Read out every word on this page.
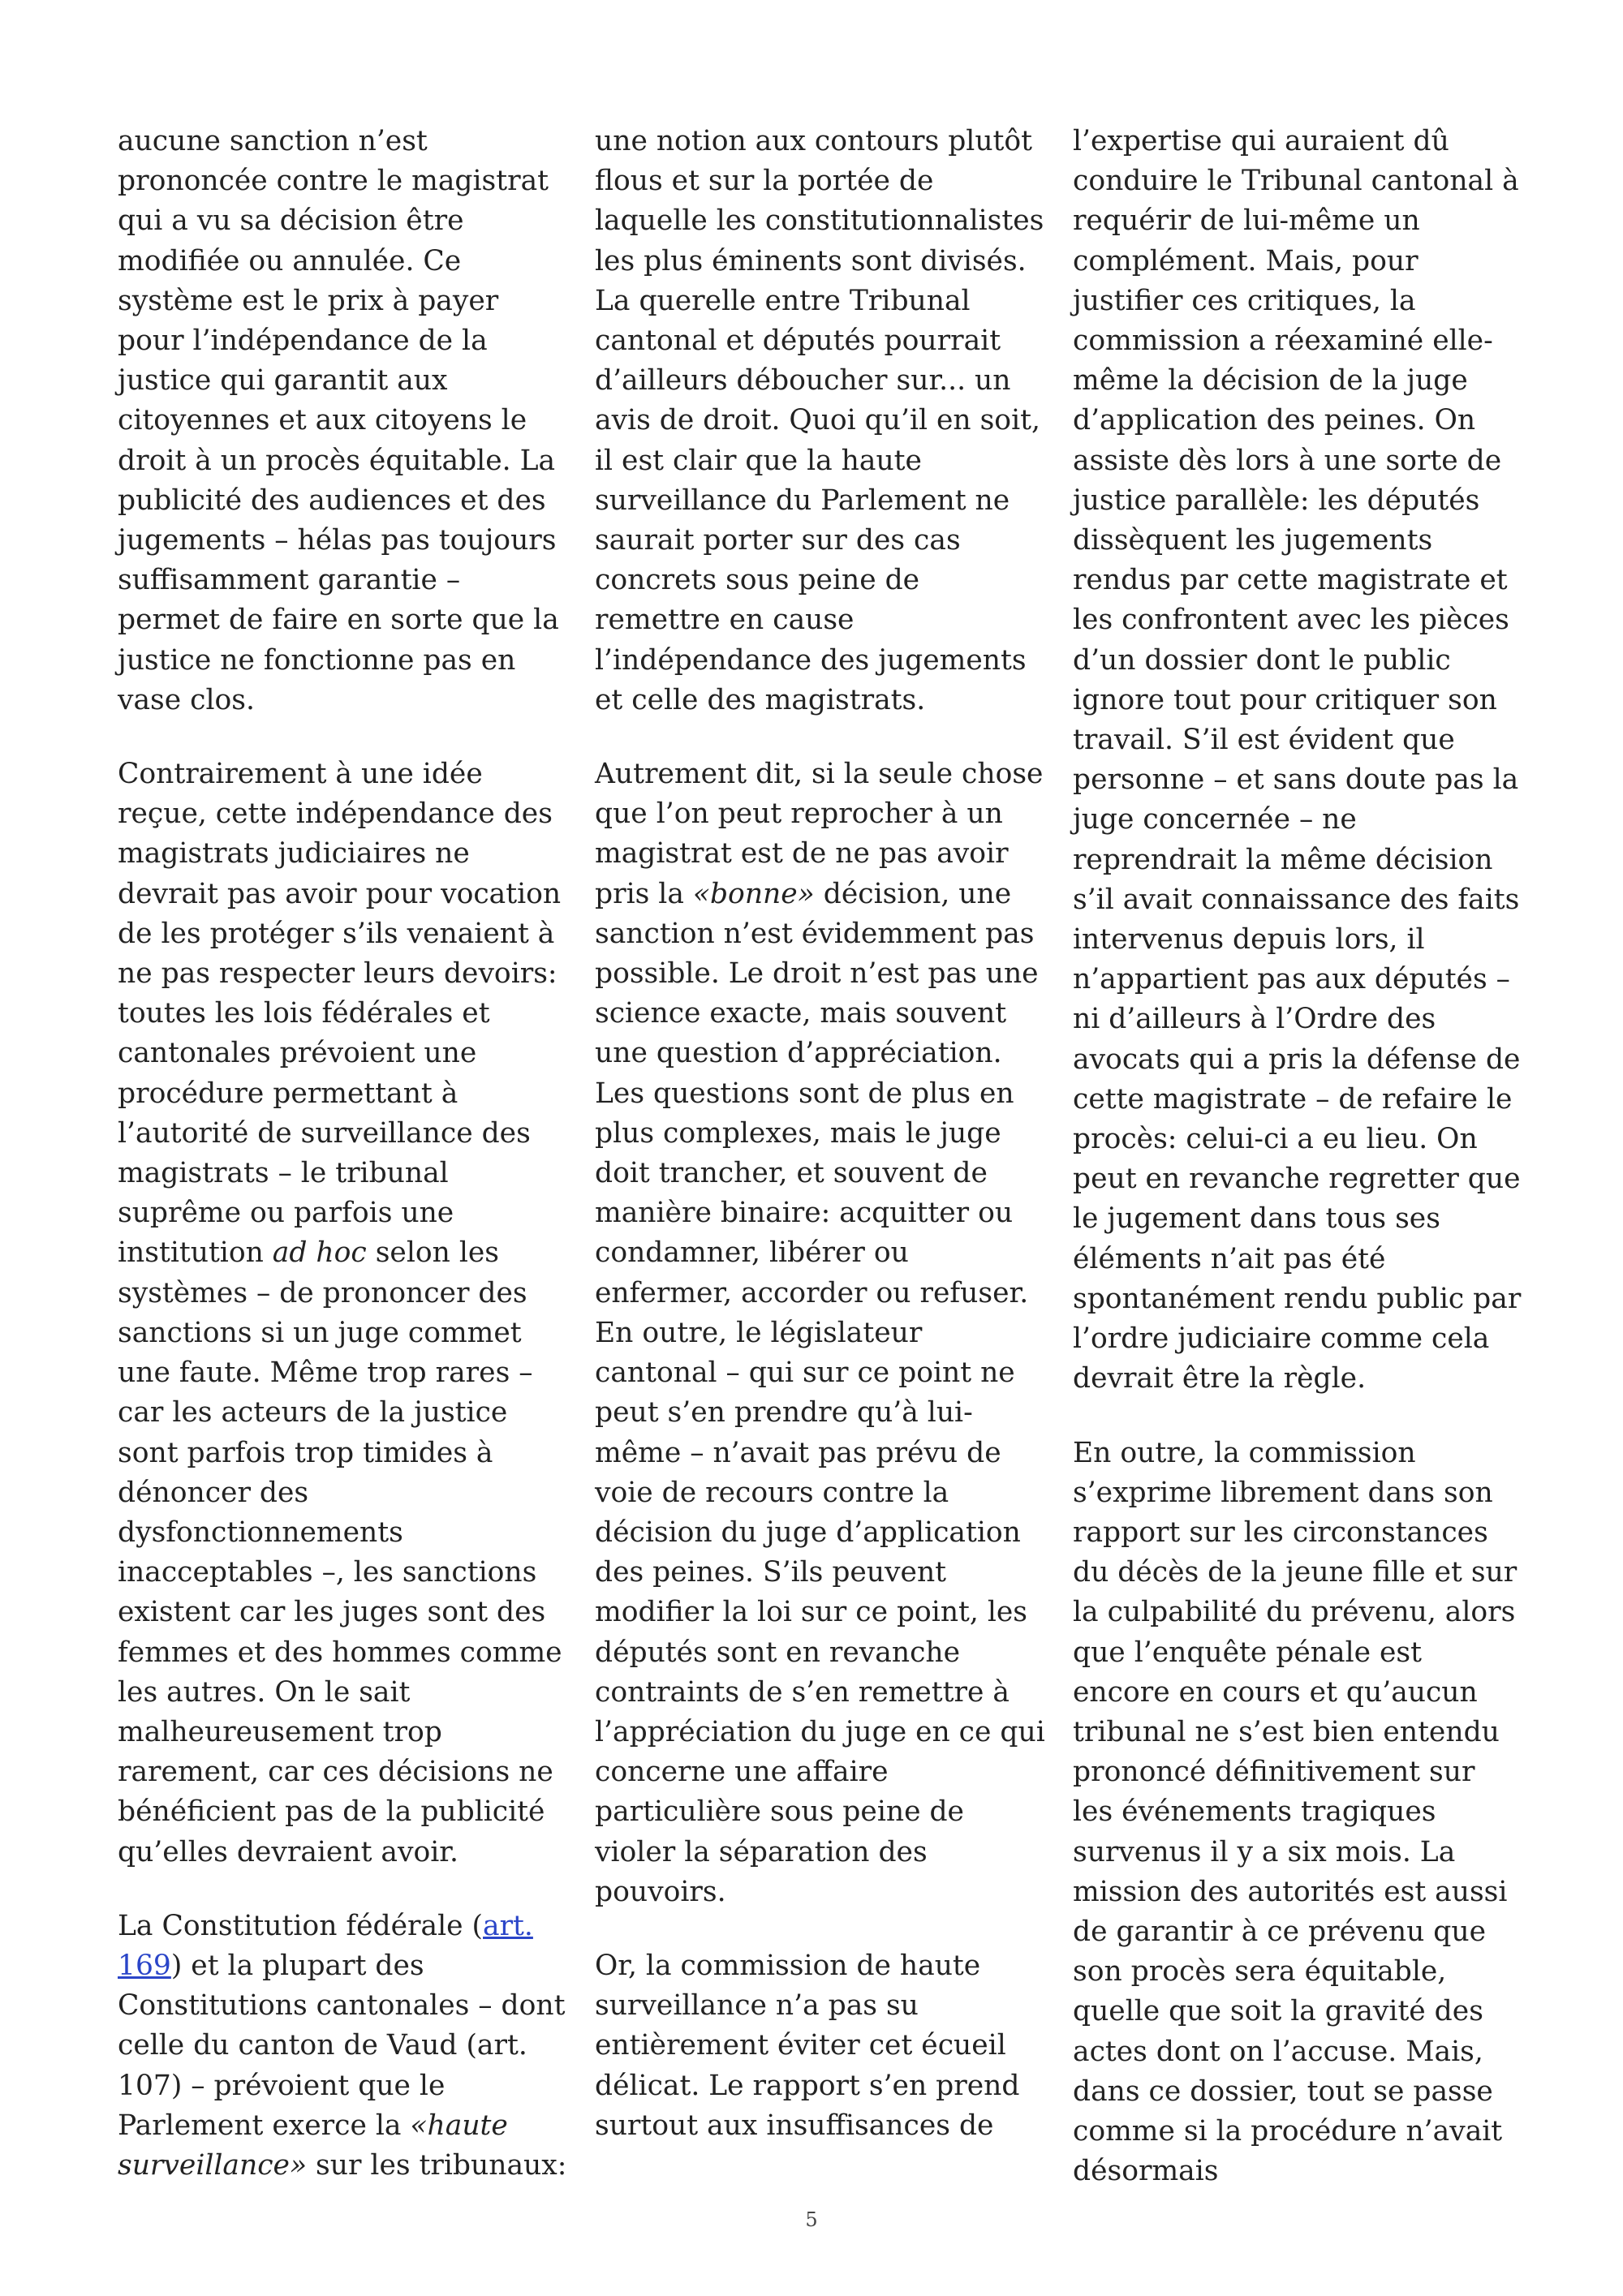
aucune sanction n’est prononcée contre le magistrat qui a vu sa décision être modifiée ou annulée. Ce système est le prix à payer pour l’indépendance de la justice qui garantit aux citoyennes et aux citoyens le droit à un procès équitable. La publicité des audiences et des jugements – hélas pas toujours suffisamment garantie – permet de faire en sorte que la justice ne fonctionne pas en vase clos.

Contrairement à une idée reçue, cette indépendance des magistrats judiciaires ne devrait pas avoir pour vocation de les protéger s’ils venaient à ne pas respecter leurs devoirs: toutes les lois fédérales et cantonales prévoient une procédure permettant à l’autorité de surveillance des magistrats – le tribunal suprême ou parfois une institution ad hoc selon les systèmes – de prononcer des sanctions si un juge commet une faute. Même trop rares – car les acteurs de la justice sont parfois trop timides à dénoncer des dysfonctionnements inacceptables –, les sanctions existent car les juges sont des femmes et des hommes comme les autres. On le sait malheureusement trop rarement, car ces décisions ne bénéficient pas de la publicité qu’elles devraient avoir.

La Constitution fédérale (art. 169) et la plupart des Constitutions cantonales – dont celle du canton de Vaud (art. 107) – prévoient que le Parlement exerce la «haute surveillance» sur les tribunaux:

une notion aux contours plutôt flous et sur la portée de laquelle les constitutionnalistes les plus éminents sont divisés. La querelle entre Tribunal cantonal et députés pourrait d’ailleurs déboucher sur... un avis de droit. Quoi qu’il en soit, il est clair que la haute surveillance du Parlement ne saurait porter sur des cas concrets sous peine de remettre en cause l’indépendance des jugements et celle des magistrats.

Autrement dit, si la seule chose que l’on peut reprocher à un magistrat est de ne pas avoir pris la «bonne» décision, une sanction n’est évidemment pas possible. Le droit n’est pas une science exacte, mais souvent une question d’appréciation. Les questions sont de plus en plus complexes, mais le juge doit trancher, et souvent de manière binaire: acquitter ou condamner, libérer ou enfermer, accorder ou refuser. En outre, le législateur cantonal – qui sur ce point ne peut s’en prendre qu’à lui-même – n’avait pas prévu de voie de recours contre la décision du juge d’application des peines. S’ils peuvent modifier la loi sur ce point, les députés sont en revanche contraints de s’en remettre à l’appréciation du juge en ce qui concerne une affaire particulière sous peine de violer la séparation des pouvoirs.

Or, la commission de haute surveillance n’a pas su entièrement éviter cet écueil délicat. Le rapport s’en prend surtout aux insuffisances de

l’expertise qui auraient dû conduire le Tribunal cantonal à requérir de lui-même un complément. Mais, pour justifier ces critiques, la commission a réexaminé elle-même la décision de la juge d’application des peines. On assiste dès lors à une sorte de justice parallèle: les députés dissèquent les jugements rendus par cette magistrate et les confrontent avec les pièces d’un dossier dont le public ignore tout pour critiquer son travail. S’il est évident que personne – et sans doute pas la juge concernée – ne reprendrait la même décision s’il avait connaissance des faits intervenus depuis lors, il n’appartient pas aux députés – ni d’ailleurs à l’Ordre des avocats qui a pris la défense de cette magistrate – de refaire le procès: celui-ci a eu lieu. On peut en revanche regretter que le jugement dans tous ses éléments n’ait pas été spontanément rendu public par l’ordre judiciaire comme cela devrait être la règle.

En outre, la commission s’exprime librement dans son rapport sur les circonstances du décès de la jeune fille et sur la culpabilité du prévenu, alors que l’enquête pénale est encore en cours et qu’aucun tribunal ne s’est bien entendu prononcé définitivement sur les événements tragiques survenus il y a six mois. La mission des autorités est aussi de garantir à ce prévenu que son procès sera équitable, quelle que soit la gravité des actes dont on l’accuse. Mais, dans ce dossier, tout se passe comme si la procédure n’avait désormais

5
